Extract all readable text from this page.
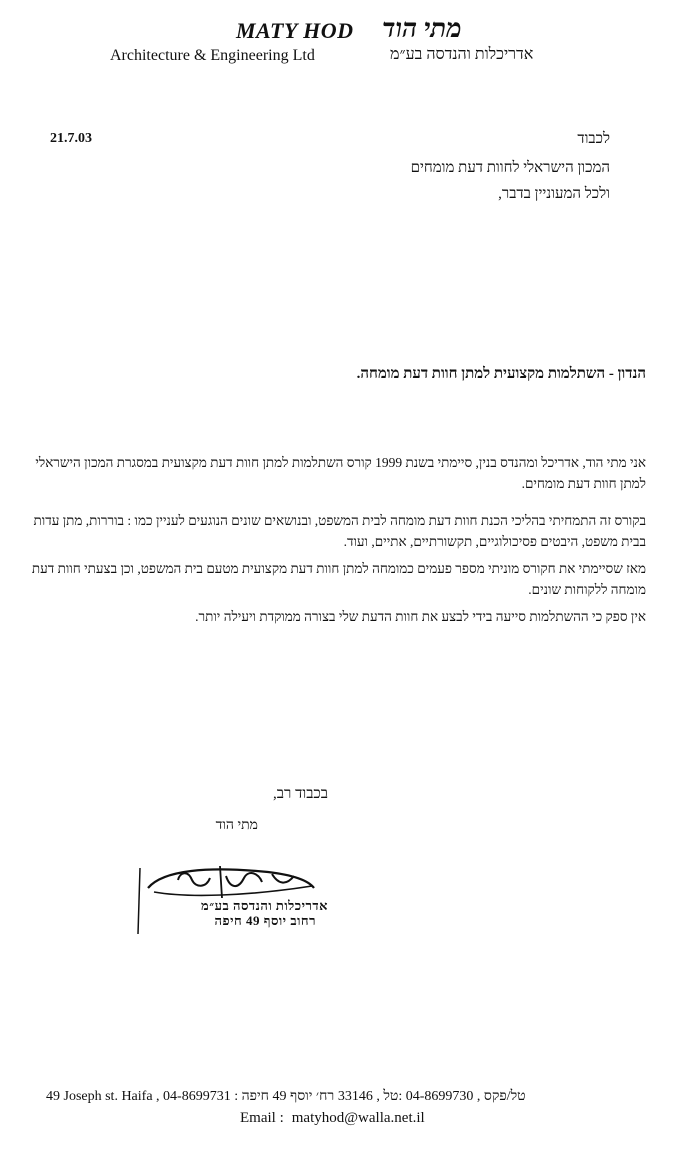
MATY HOD מתי הוד
Architecture & Engineering Ltd	אדריכלות והנדסה בע״מ
21.7.03	לכבוד
המכון הישראלי לחוות דעת מומחים
ולכל המעוניין בדבר,
הנדון - השתלמות מקצועית למתן חוות דעת מומחה.
אני מתי הוד, אדריכל ומהנדס בנין, סיימתי בשנת 1999 קורס השתלמות למתן חוות דעת מקצועית במסגרת המכון הישראלי למתן חוות דעת מומחים.
בקורס זה התמחיתי בהליכי הכנת חוות דעת מומחה לבית המשפט, ובנושאים שונים הנוגעים לעניין כמו : בוררות, מתן עדות בבית משפט, היבטים פסיכולוגיים, תקשורתיים, אתיים, ועוד.
מאז שסיימתי את חקורס מוניתי מספר פעמים כמומחה למתן חוות דעת מקצועית מטעם בית המשפט, וכן בצעתי חוות דעת מומחה ללקוחות שונים.
אין ספק כי ההשתלמות סייעה בידי לבצע את חוות הדעת שלי בצורה ממוקדת ויעילה יותר.
בכבוד רב,
מתי הוד
אדריכלות והנדסה בע״מ
רחוב יוסף 49 חיפה
49 Joseph st. Haifa , 04-8699731 : טל/פקס , 04-8699730 :טל , 33146 רח׳ יוסף 49 חיפה
Email : matyhod@walla.net.il
